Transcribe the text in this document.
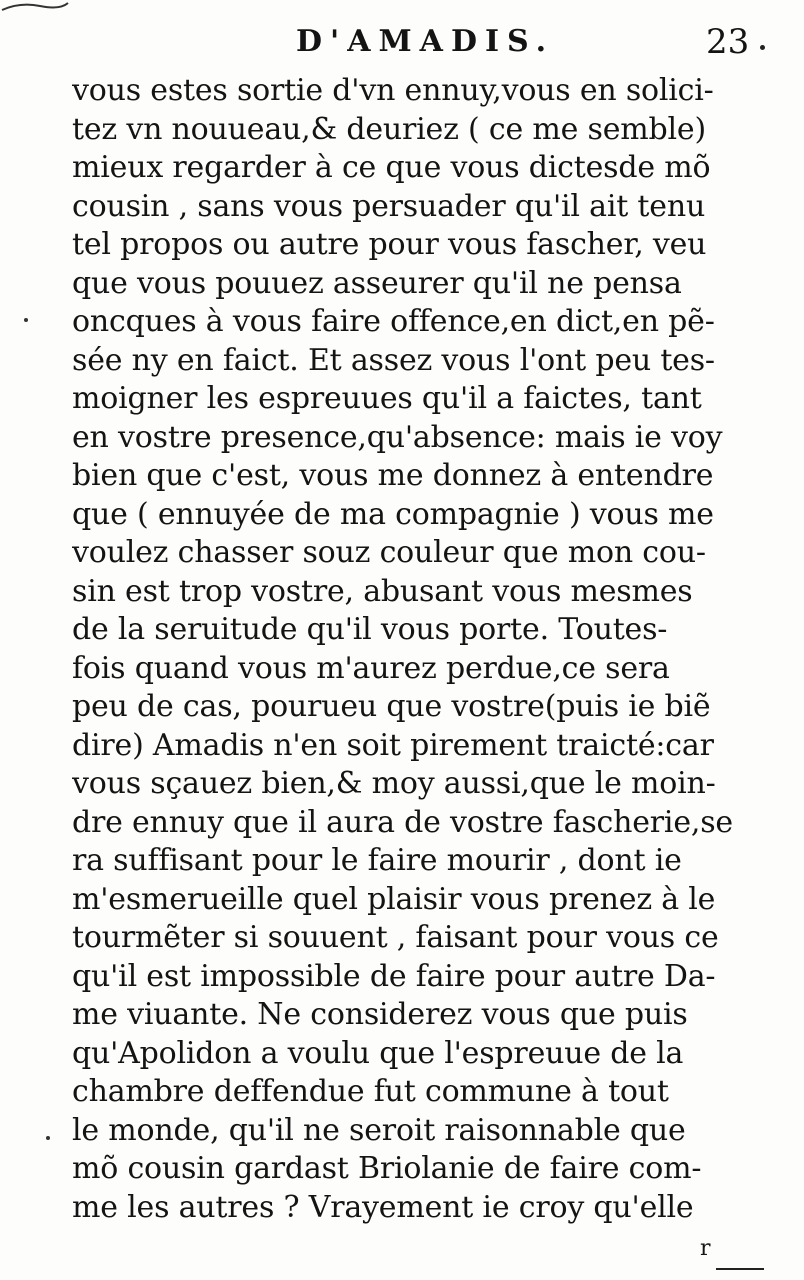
D'AMADIS.	23
vous estes sortie d'vn ennuy,vous en solici-
tez vn nouueau,& deuriez ( ce me semble)
mieux regarder à ce que vous dictesde mõ
cousin , sans vous persuader qu'il ait tenu
tel propos ou autre pour vous fascher, veu
que vous pouuez asseurer qu'il ne pensa
oncques à vous faire offence,en dict,en pẽ-
sée ny en faict. Et assez vous l'ont peu tes-
moigner les espreuues qu'il a faictes, tant
en vostre presence,qu'absence: mais ie voy
bien que c'est, vous me donnez à entendre
que ( ennuyée de ma compagnie ) vous me
voulez chasser souz couleur que mon cou-
sin est trop vostre, abusant vous mesmes
de la seruitude qu'il vous porte. Toutes-
fois quand vous m'aurez perdue,ce sera
peu de cas, pourueu que vostre(puis ie biẽ
dire) Amadis n'en soit pirement traicté:car
vous sçauez bien,& moy aussi,que le moin-
dre ennuy que il aura de vostre fascherie,se
ra suffisant pour le faire mourir , dont ie
m'esmerueille quel plaisir vous prenez à le
tourmẽter si souuent , faisant pour vous ce
qu'il est impossible de faire pour autre Da-
me viuante. Ne considerez vous que puis
qu'Apolidon a voulu que l'espreuue de la
chambre deffendue fut commune à tout
le monde, qu'il ne seroit raisonnable que
mõ cousin gardast Briolanie de faire com-
me les autres ? Vrayement ie croy qu'elle
r
